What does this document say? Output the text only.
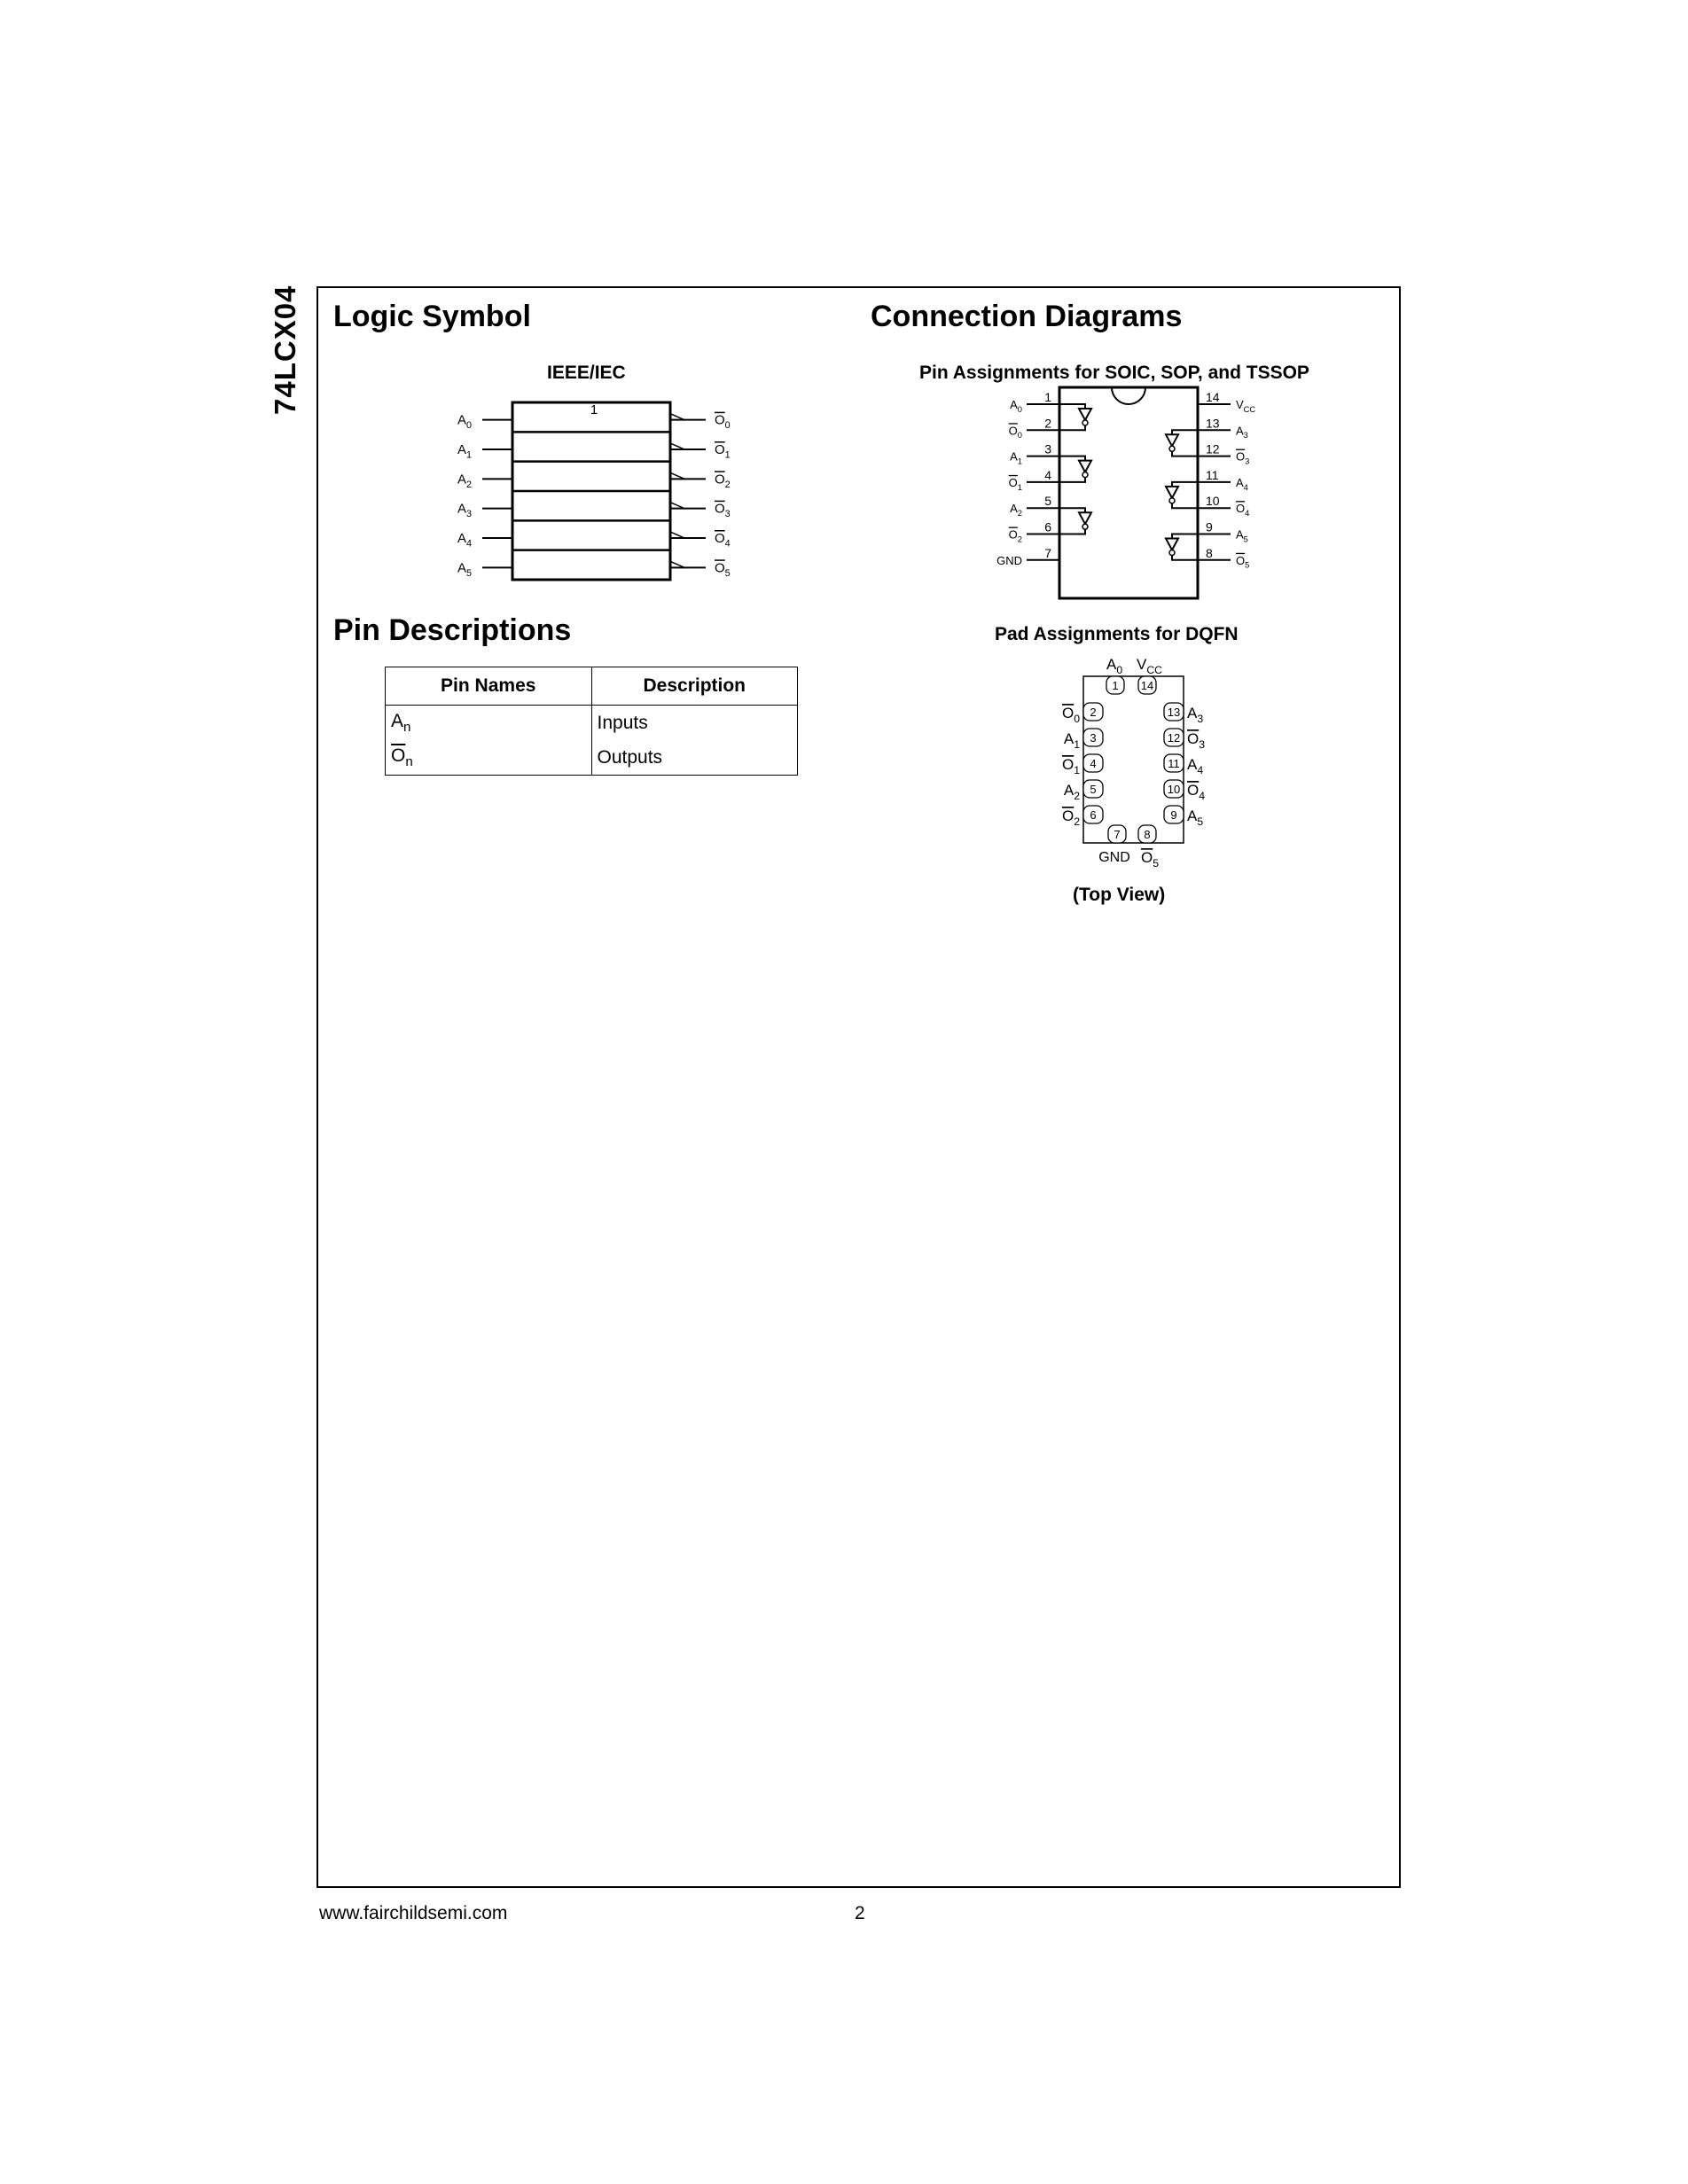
74LCX04 Logic Symbol
IEEE/IEC
1
$A_0$	$O_0$
$A_1$	$O_1$
$A_2$	$O_2$
$A_3$	$O_3$
$A_4$	$O_4$
$A_5$	$O_5$
Pin Descriptions
Pin Names	Description
$A_n$	Inputs
$\overline{O}_n$	Outputs
Connection Diagrams
Pin Assignments for SOIC, SOP, and TSSOP
1
$A_0$
2
$O_0$
3
$A_1$
4
$O_1$
5
$A_2$
6
$O_2$
7
GND
14
$V_{CC}$
13
$A_3$
12
$O_3$
11
$A_4$
10
$O_4$
9
$A_5$
8
$O_5$
Pad Assignments for DQFN
1
$A_0$
14
$V_{CC}$
2
$O_0$
3
$A_1$
4
$O_1$
5
$A_2$
6
$O_2$
13 $A_3$
12 $O_3$
11 $A_4$
10 $O_4$
9 $A_5$
7 8
GND $O_5$
(Top View)
www.fairchildsemi.com	2
